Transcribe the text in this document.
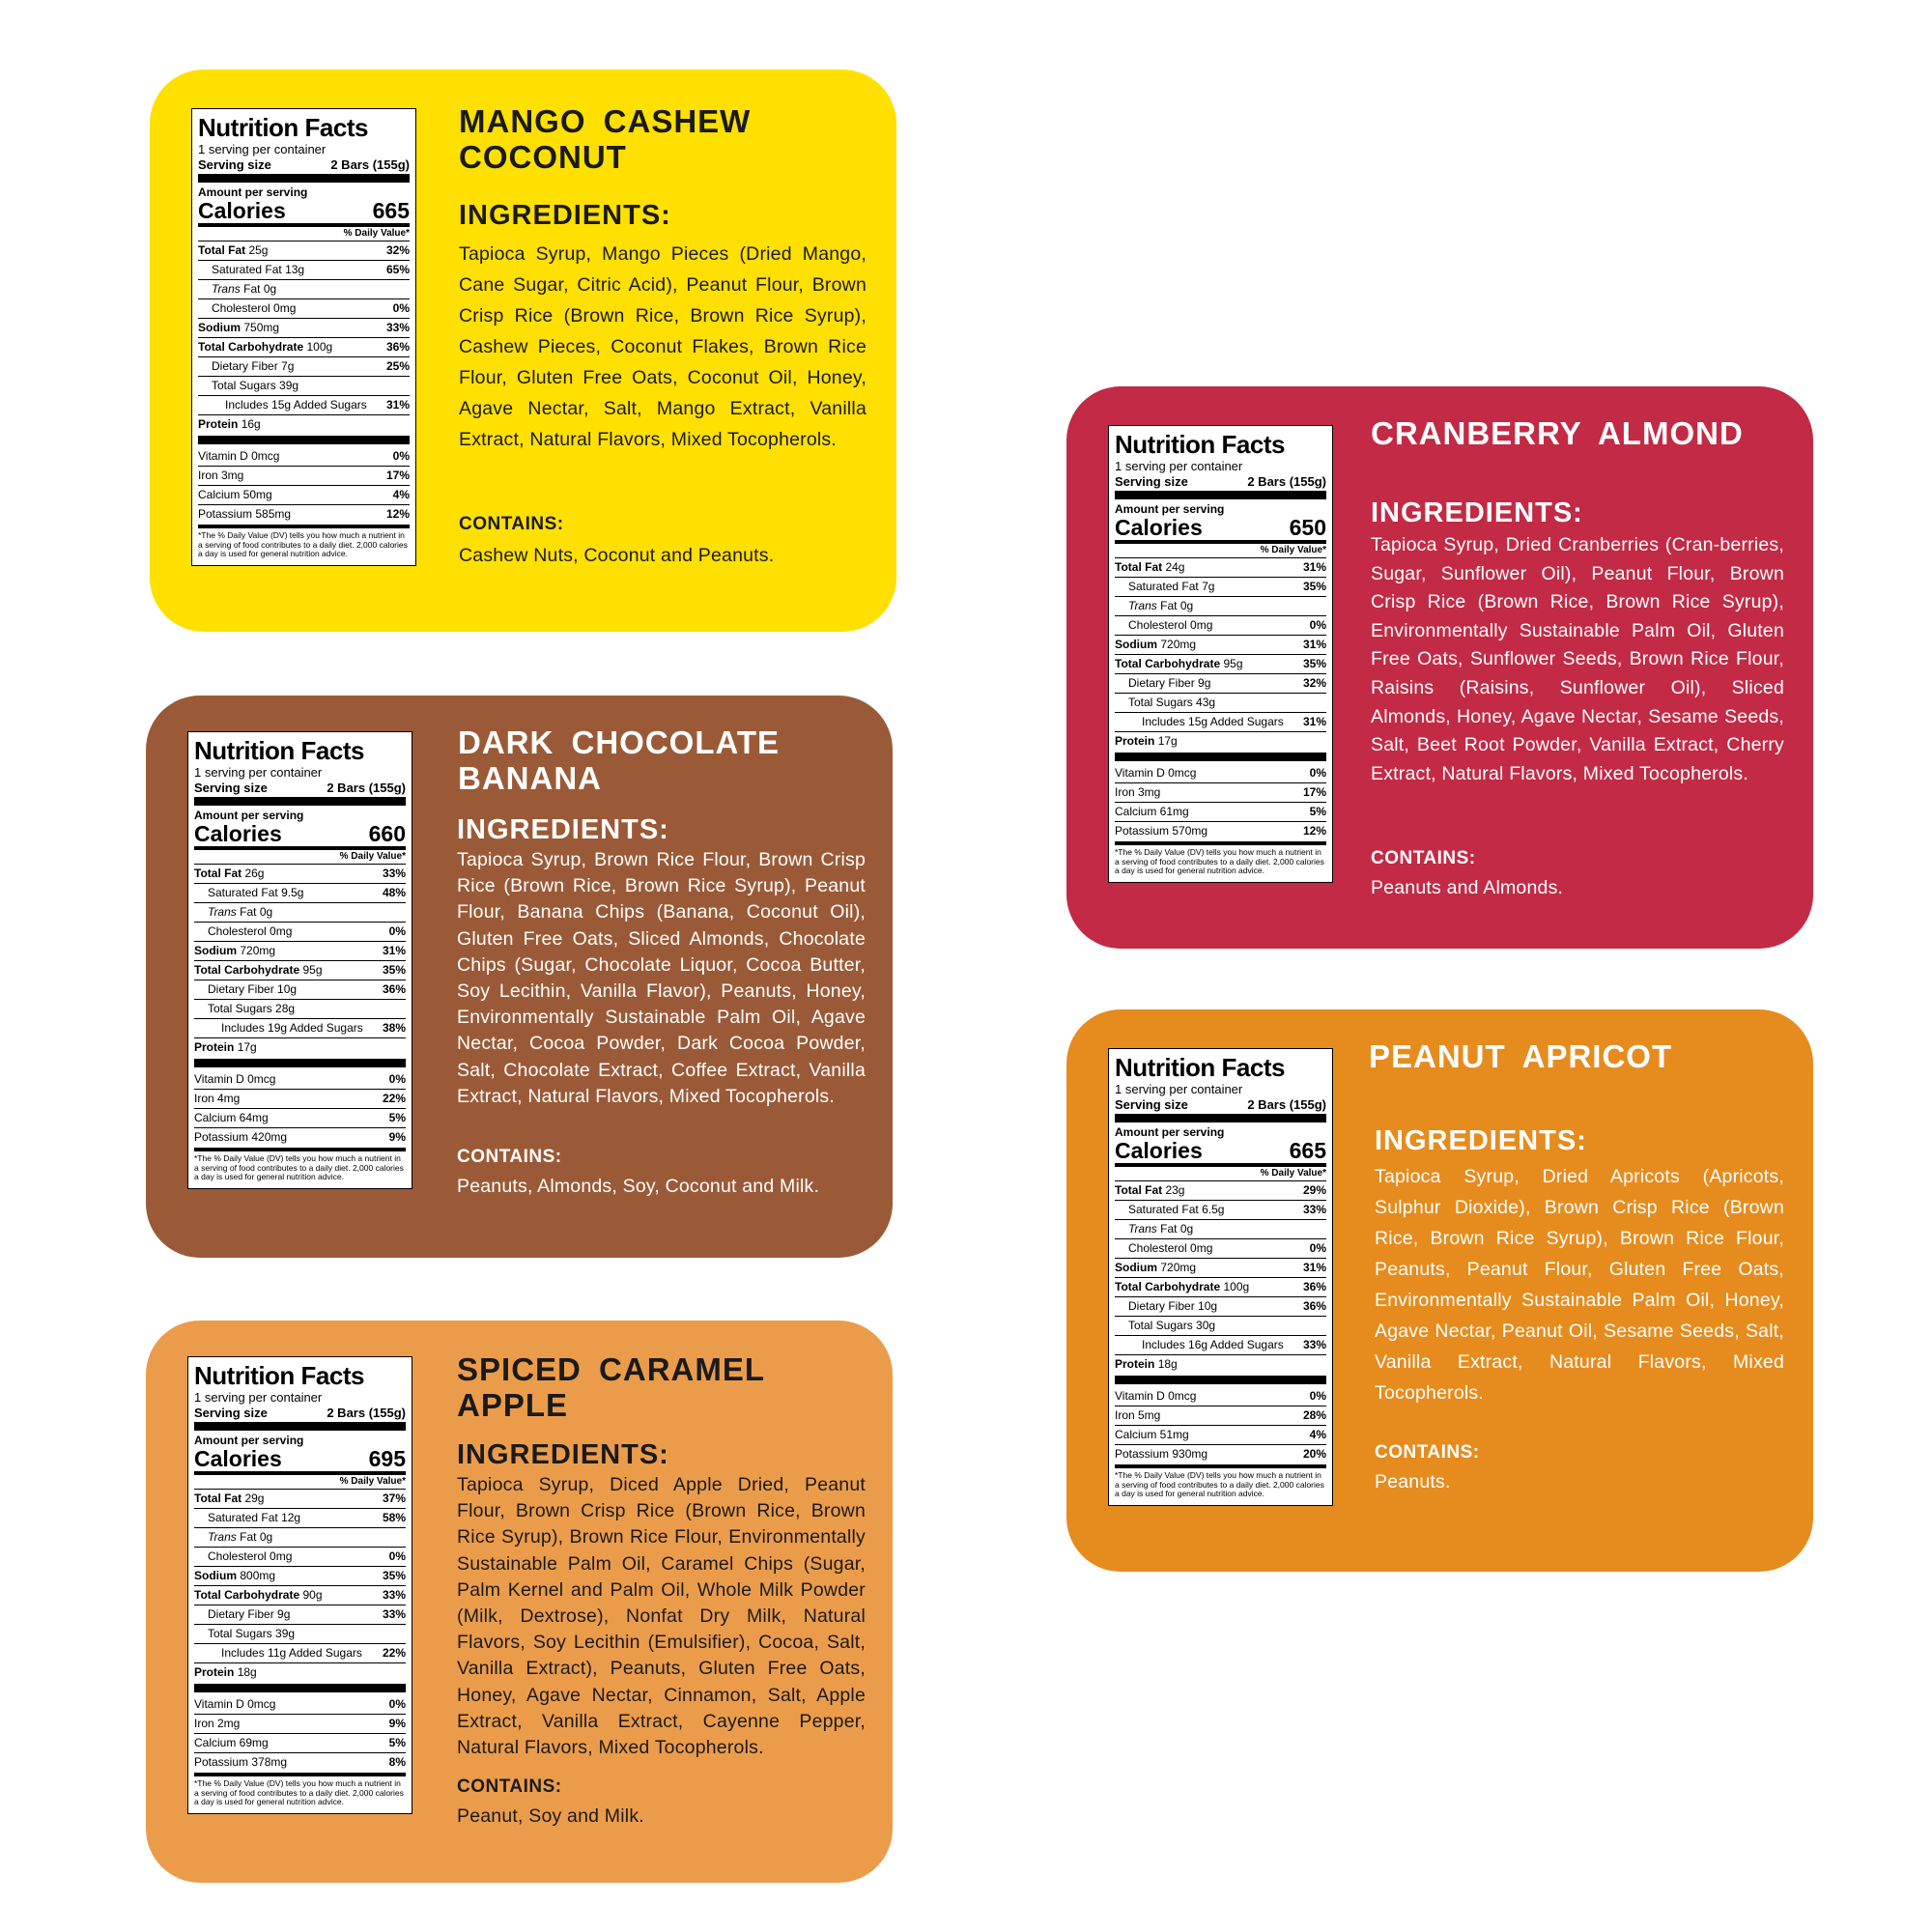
Nutrition Facts
1 serving per container
Serving size	2 Bars (155g)
Amount per serving
Calories	665
% Daily Value*
Total Fat 25g	32%
Saturated Fat 13g	65%
Trans Fat 0g
Cholesterol 0mg	0%
Sodium 750mg	33%
Total Carbohydrate 100g	36%
Dietary Fiber 7g	25%
Total Sugars 39g
Includes 15g Added Sugars 31%
Protein 16g
Vitamin D 0mcg	0%
Iron 3mg	17%
Calcium 50mg	4%
Potassium 585mg	12%
*The % Daily Value (DV) tells you how much a nutrient in a serving of food contributes to a daily diet. 2,000 calories a day is used for general nutrition advice.
MANGO CASHEW
COCONUT
INGREDIENTS:
Tapioca Syrup, Mango Pieces (Dried Mango, Cane Sugar, Citric Acid), Peanut Flour, Brown Crisp Rice (Brown Rice, Brown Rice Syrup), Cashew Pieces, Coconut Flakes, Brown Rice Flour, Gluten Free Oats, Coconut Oil, Honey, Agave Nectar, Salt, Mango Extract, Vanilla Extract, Natural Flavors, Mixed Tocopherols.
CONTAINS:
Cashew Nuts, Coconut and Peanuts.
Nutrition Facts
1 serving per container
Serving size	2 Bars (155g)
Amount per serving
Calories	660
% Daily Value*
Total Fat 26g	33%
Saturated Fat 9.5g	48%
Trans Fat 0g
Cholesterol 0mg	0%
Sodium 720mg	31%
Total Carbohydrate 95g	35%
Dietary Fiber 10g	36%
Total Sugars 28g
Includes 19g Added Sugars 38%
Protein 17g
Vitamin D 0mcg	0%
Iron 4mg	22%
Calcium 64mg	5%
Potassium 420mg	9%
*The % Daily Value (DV) tells you how much a nutrient in a serving of food contributes to a daily diet. 2,000 calories a day is used for general nutrition advice.
DARK CHOCOLATE
BANANA
INGREDIENTS:
Tapioca Syrup, Brown Rice Flour, Brown Crisp Rice (Brown Rice, Brown Rice Syrup), Peanut Flour, Banana Chips (Banana, Coconut Oil), Gluten Free Oats, Sliced Almonds, Chocolate Chips (Sugar, Chocolate Liquor, Cocoa Butter, Soy Lecithin, Vanilla Flavor), Peanuts, Honey, Environmentally Sustainable Palm Oil, Agave Nectar, Cocoa Powder, Dark Cocoa Powder, Salt, Chocolate Extract, Coffee Extract, Vanilla Extract, Natural Flavors, Mixed Tocopherols.
CONTAINS:
Peanuts, Almonds, Soy, Coconut and Milk.
Nutrition Facts
1 serving per container
Serving size	2 Bars (155g)
Amount per serving
Calories	695
% Daily Value*
Total Fat 29g	37%
Saturated Fat 12g	58%
Trans Fat 0g
Cholesterol 0mg	0%
Sodium 800mg	35%
Total Carbohydrate 90g	33%
Dietary Fiber 9g	33%
Total Sugars 39g
Includes 11g Added Sugars 22%
Protein 18g
Vitamin D 0mcg	0%
Iron 2mg	9%
Calcium 69mg	5%
Potassium 378mg	8%
*The % Daily Value (DV) tells you how much a nutrient in a serving of food contributes to a daily diet. 2,000 calories a day is used for general nutrition advice.
SPICED CARAMEL
APPLE
INGREDIENTS:
Tapioca Syrup, Diced Apple Dried, Peanut Flour, Brown Crisp Rice (Brown Rice, Brown Rice Syrup), Brown Rice Flour, Environmentally Sustainable Palm Oil, Caramel Chips (Sugar, Palm Kernel and Palm Oil, Whole Milk Powder (Milk, Dextrose), Nonfat Dry Milk, Natural Flavors, Soy Lecithin (Emulsifier), Cocoa, Salt, Vanilla Extract), Peanuts, Gluten Free Oats, Honey, Agave Nectar, Cinnamon, Salt, Apple Extract, Vanilla Extract, Cayenne Pepper, Natural Flavors, Mixed Tocopherols.
CONTAINS:
Peanut, Soy and Milk.
Nutrition Facts
1 serving per container
Serving size	2 Bars (155g)
Amount per serving
Calories	650
% Daily Value*
Total Fat 24g	31%
Saturated Fat 7g	35%
Trans Fat 0g
Cholesterol 0mg	0%
Sodium 720mg	31%
Total Carbohydrate 95g	35%
Dietary Fiber 9g	32%
Total Sugars 43g
Includes 15g Added Sugars 31%
Protein 17g
Vitamin D 0mcg	0%
Iron 3mg	17%
Calcium 61mg	5%
Potassium 570mg	12%
*The % Daily Value (DV) tells you how much a nutrient in a serving of food contributes to a daily diet. 2,000 calories a day is used for general nutrition advice.
CRANBERRY ALMOND
INGREDIENTS:
Tapioca Syrup, Dried Cranberries (Cran-berries, Sugar, Sunflower Oil), Peanut Flour, Brown Crisp Rice (Brown Rice, Brown Rice Syrup), Environmentally Sustainable Palm Oil, Gluten Free Oats, Sunflower Seeds, Brown Rice Flour, Raisins (Raisins, Sunflower Oil), Sliced Almonds, Honey, Agave Nectar, Sesame Seeds, Salt, Beet Root Powder, Vanilla Extract, Cherry Extract, Natural Flavors, Mixed Tocopherols.
CONTAINS:
Peanuts and Almonds.
Nutrition Facts
1 serving per container
Serving size	2 Bars (155g)
Amount per serving
Calories	665
% Daily Value*
Total Fat 23g	29%
Saturated Fat 6.5g	33%
Trans Fat 0g
Cholesterol 0mg	0%
Sodium 720mg	31%
Total Carbohydrate 100g	36%
Dietary Fiber 10g	36%
Total Sugars 30g
Includes 16g Added Sugars 33%
Protein 18g
Vitamin D 0mcg	0%
Iron 5mg	28%
Calcium 51mg	4%
Potassium 930mg	20%
*The % Daily Value (DV) tells you how much a nutrient in a serving of food contributes to a daily diet. 2,000 calories a day is used for general nutrition advice.
PEANUT APRICOT
INGREDIENTS:
Tapioca Syrup, Dried Apricots (Apricots, Sulphur Dioxide), Brown Crisp Rice (Brown Rice, Brown Rice Syrup), Brown Rice Flour, Peanuts, Peanut Flour, Gluten Free Oats, Environmentally Sustainable Palm Oil, Honey, Agave Nectar, Peanut Oil, Sesame Seeds, Salt, Vanilla Extract, Natural Flavors, Mixed Tocopherols.
CONTAINS:
Peanuts.
